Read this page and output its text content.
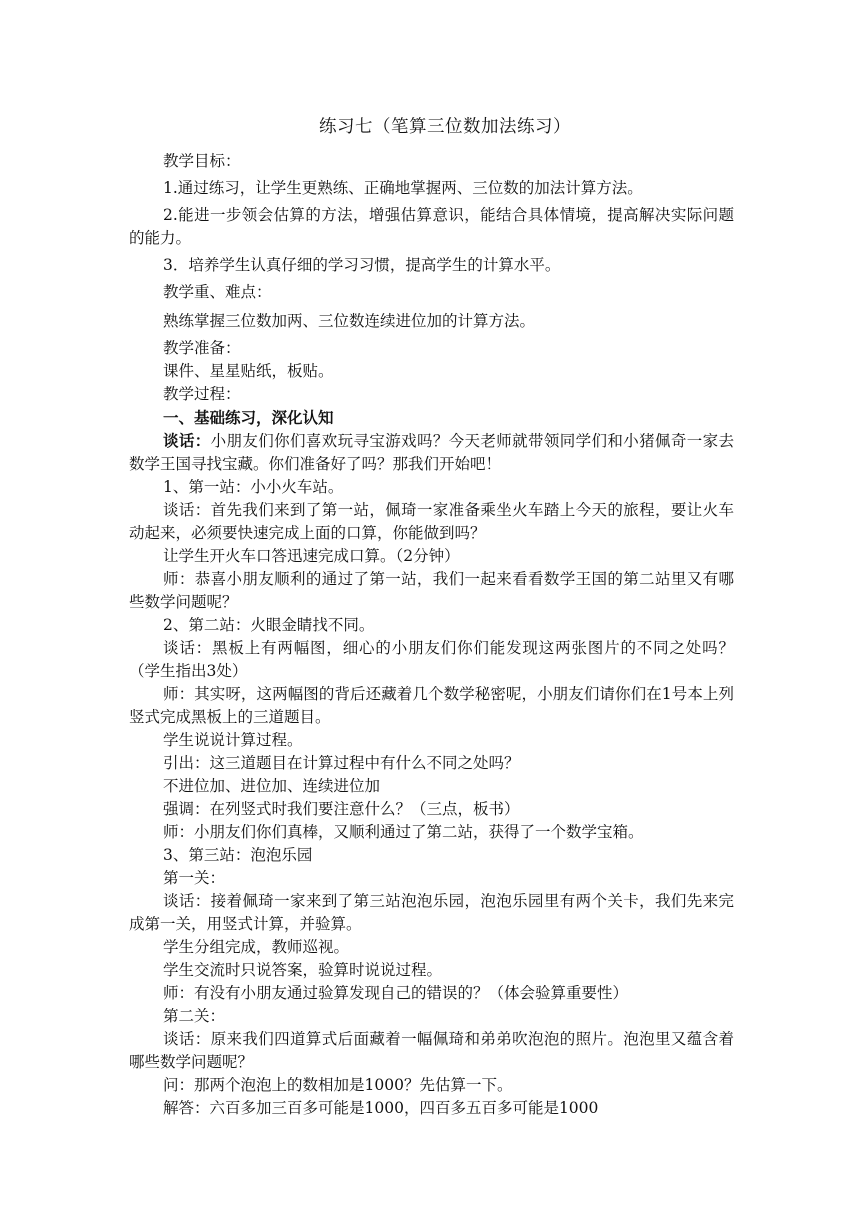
练习七（笔算三位数加法练习）

教学目标：

1.通过练习，让学生更熟练、正确地掌握两、三位数的加法计算方法。

2.能进一步领会估算的方法，增强估算意识，能结合具体情境，提高解决实际问题的能力。

3．培养学生认真仔细的学习习惯，提高学生的计算水平。

教学重、难点：

熟练掌握三位数加两、三位数连续进位加的计算方法。

教学准备：

课件、星星贴纸，板贴。

教学过程：

一、基础练习，深化认知

谈话：小朋友们你们喜欢玩寻宝游戏吗？今天老师就带领同学们和小猪佩奇一家去数学王国寻找宝藏。你们准备好了吗？那我们开始吧！

1、第一站：小小火车站。

谈话：首先我们来到了第一站，佩琦一家准备乘坐火车踏上今天的旅程，要让火车动起来，必须要快速完成上面的口算，你能做到吗？

让学生开火车口答迅速完成口算。（2分钟）

师：恭喜小朋友顺利的通过了第一站，我们一起来看看数学王国的第二站里又有哪些数学问题呢？

2、第二站：火眼金睛找不同。

谈话：黑板上有两幅图，细心的小朋友们你们能发现这两张图片的不同之处吗？（学生指出3处）

师：其实呀，这两幅图的背后还藏着几个数学秘密呢，小朋友们请你们在1号本上列竖式完成黑板上的三道题目。

学生说说计算过程。

引出：这三道题目在计算过程中有什么不同之处吗？

不进位加、进位加、连续进位加

强调：在列竖式时我们要注意什么？（三点，板书）

师：小朋友们你们真棒，又顺利通过了第二站，获得了一个数学宝箱。

3、第三站：泡泡乐园

第一关：

谈话：接着佩琦一家来到了第三站泡泡乐园，泡泡乐园里有两个关卡，我们先来完成第一关，用竖式计算，并验算。

学生分组完成，教师巡视。

学生交流时只说答案，验算时说说过程。

师：有没有小朋友通过验算发现自己的错误的？（体会验算重要性）

第二关：

谈话：原来我们四道算式后面藏着一幅佩琦和弟弟吹泡泡的照片。泡泡里又蕴含着哪些数学问题呢？

问：那两个泡泡上的数相加是1000？先估算一下。

解答：六百多加三百多可能是1000，四百多五百多可能是1000
